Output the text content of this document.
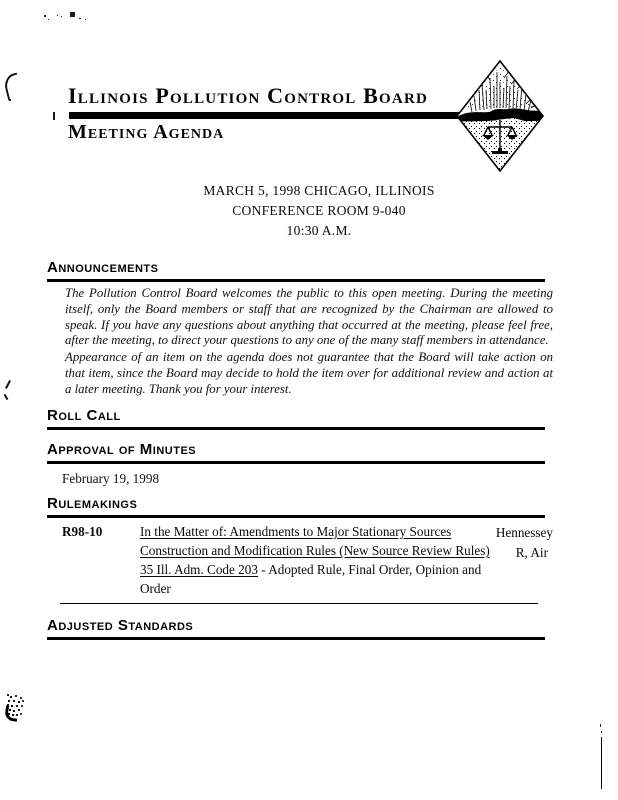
Illinois Pollution Control Board
Meeting Agenda
MARCH 5, 1998 CHICAGO, ILLINOIS
CONFERENCE ROOM 9-040
10:30 A.M.
Announcements

The Pollution Control Board welcomes the public to this open meeting. During the meeting itself, only the Board members or staff that are recognized by the Chairman are allowed to speak. If you have any questions about anything that occurred at the meeting, please feel free, after the meeting, to direct your questions to any one of the many staff members in attendance.

Appearance of an item on the agenda does not guarantee that the Board will take action on that item, since the Board may decide to hold the item over for additional review and action at a later meeting. Thank you for your interest.

Roll Call
Approval of Minutes
February 19, 1998
Rulemakings
R98-10	In the Matter of: Amendments to Major Stationary Sources
Construction and Modification Rules (New Source Review Rules)
35 Ill. Adm. Code 203 - Adopted Rule, Final Order, Opinion and
Order
Hennessey
R, Air
Adjusted Standards
